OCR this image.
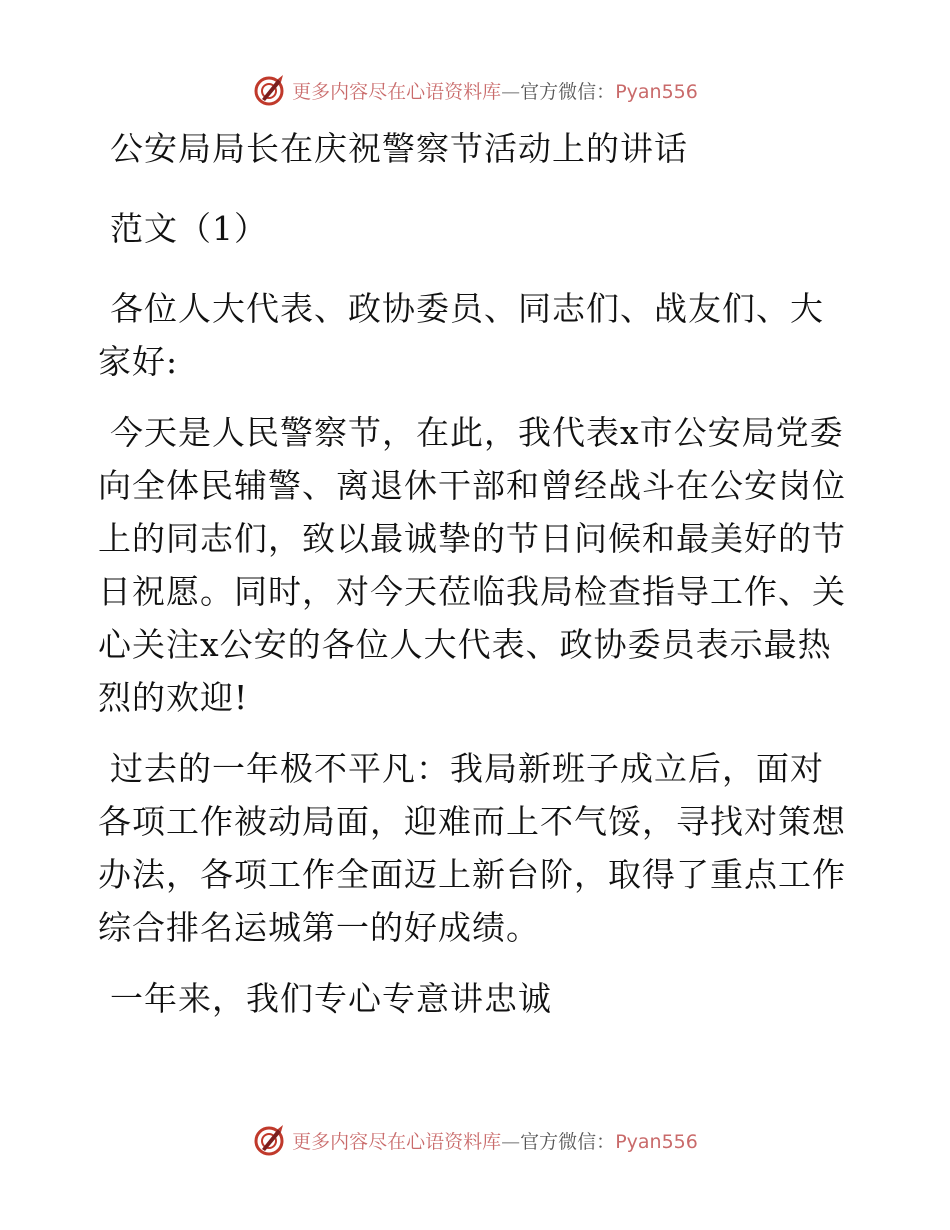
更多内容尽在心语资料库—官方微信：Pyan556

公安局局长在庆祝警察节活动上的讲话

范文（1）

各位人大代表、政协委员、同志们、战友们、大家好:

今天是人民警察节，在此，我代表x市公安局党委向全体民辅警、离退休干部和曾经战斗在公安岗位上的同志们，致以最诚挚的节日问候和最美好的节日祝愿。同时，对今天莅临我局检查指导工作、关心关注x公安的各位人大代表、政协委员表示最热烈的欢迎!

过去的一年极不平凡：我局新班子成立后，面对各项工作被动局面，迎难而上不气馁，寻找对策想办法，各项工作全面迈上新台阶，取得了重点工作综合排名运城第一的好成绩。

一年来，我们专心专意讲忠诚

更多内容尽在心语资料库—官方微信：Pyan556
